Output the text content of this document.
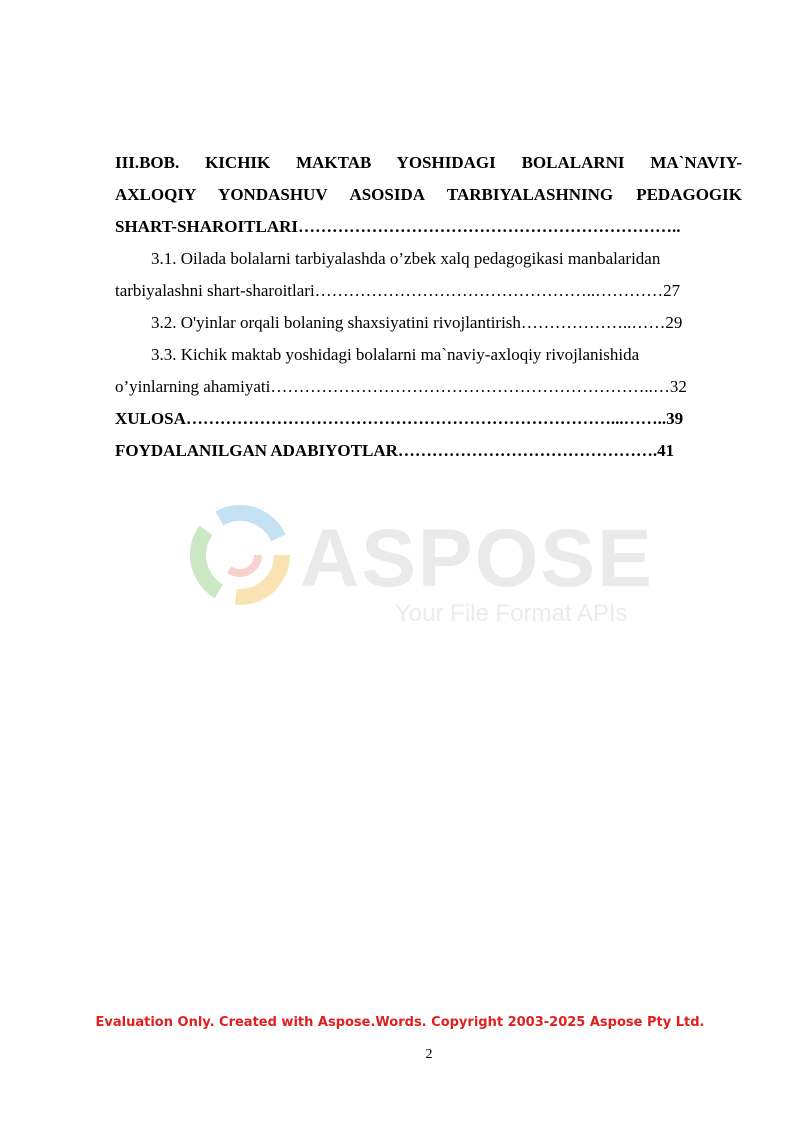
III.BOB. KICHIK MAKTAB YOSHIDAGI BOLALARNI MA`NAVIY-
AXLOQIY YONDASHUV ASOSIDA TARBIYALASHNING PEDAGOGIK
SHART-SHAROITLARI…………………………………………………………..
3.1. Oilada bolalarni tarbiyalashda o’zbek xalq pedagogikasi manbalaridan
tarbiyalashni shart-sharoitlari…………………………………………..…………27
3.2. O'yinlar orqali bolaning shaxsiyatini rivojlantirish………………..……29
3.3. Kichik maktab yoshidagi bolalarni ma`naviy-axloqiy rivojlanishida
o’yinlarning ahamiyati…………………………………………………………..…32
XULOSA…………………………………………………………………...……..39
FOYDALANILGAN ADABIYOTLAR……………………………………….41
ASPOSE
Your File Format APIs
Evaluation Only. Created with Aspose.Words. Copyright 2003-2025 Aspose Pty Ltd.
2
